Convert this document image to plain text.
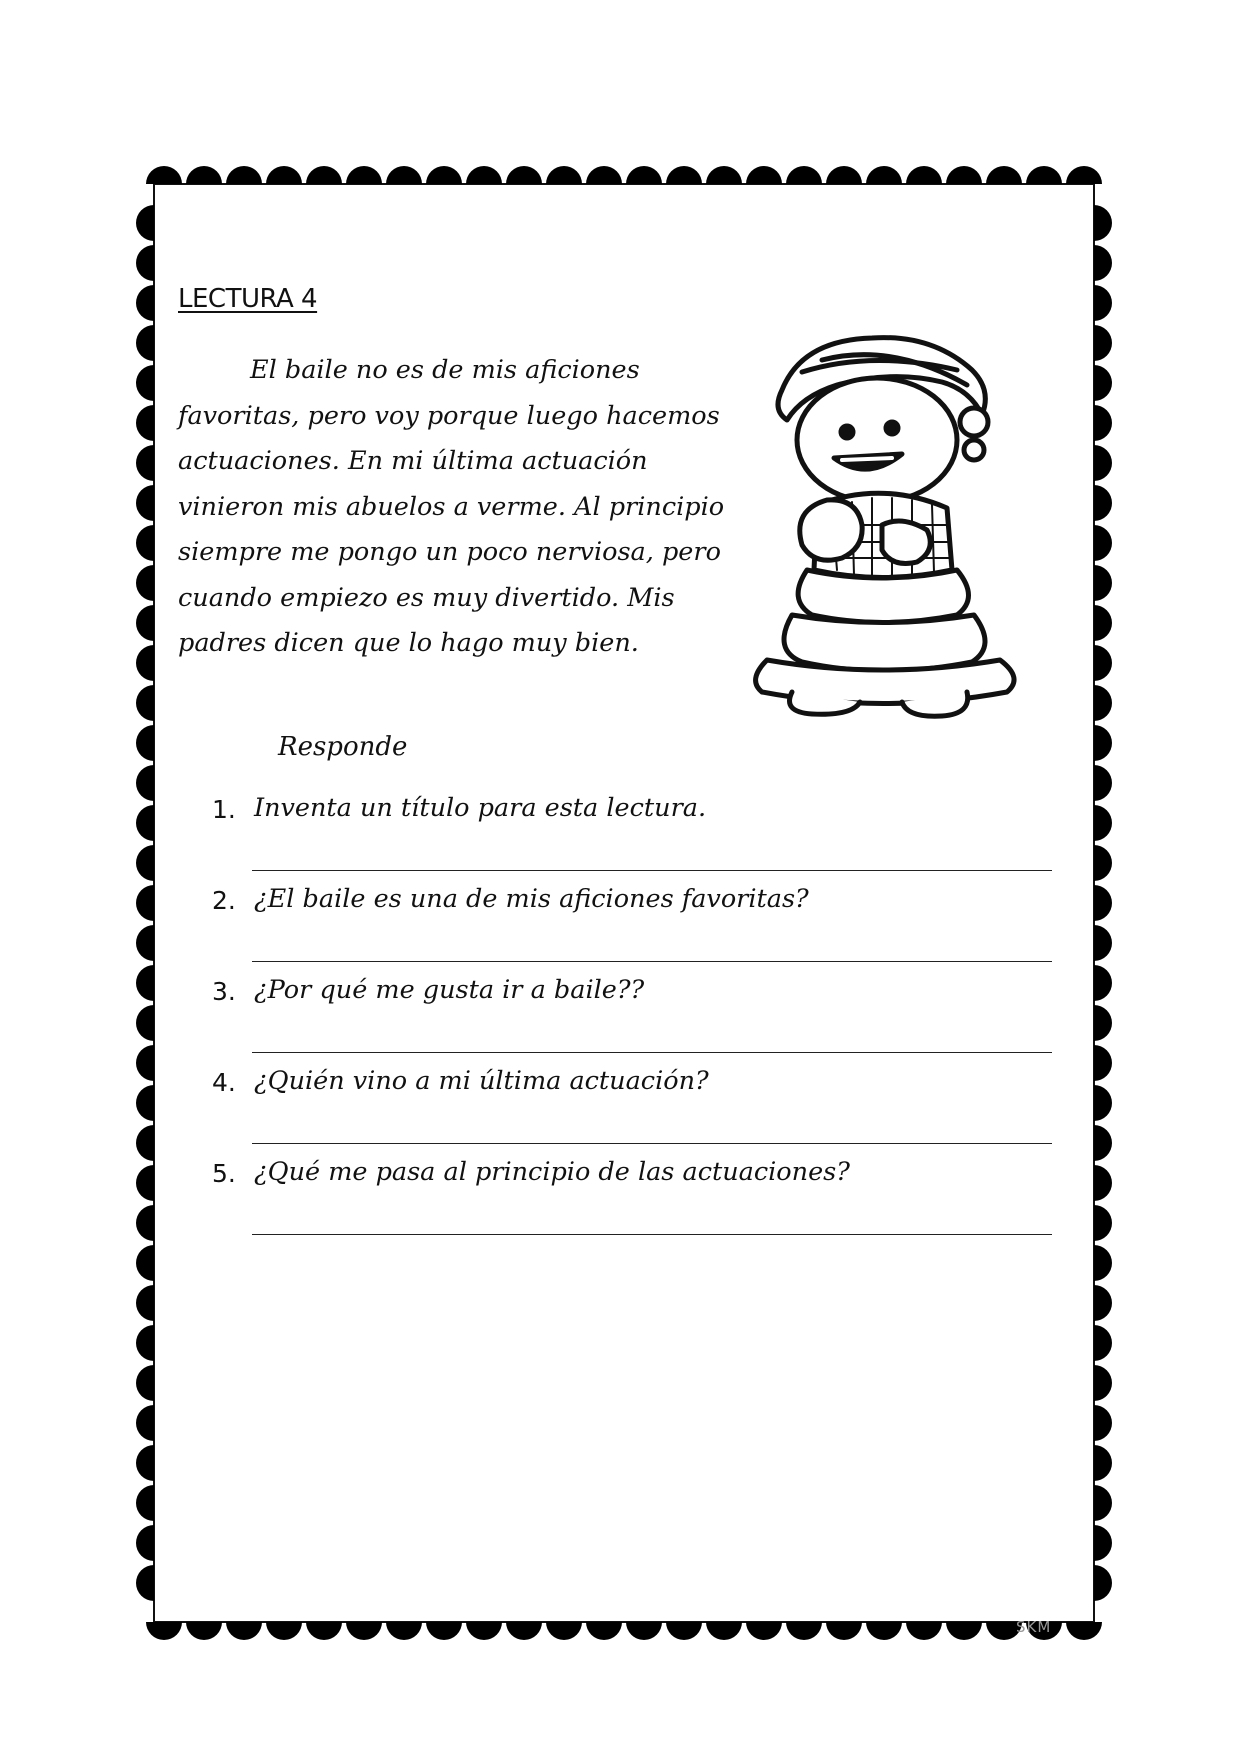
LECTURA 4

El baile no es de mis aficiones favoritas, pero voy porque luego hacemos actuaciones. En mi última actuación vinieron mis abuelos a verme. Al principio siempre me pongo un poco nerviosa, pero cuando empiezo es muy divertido. Mis padres dicen que lo hago muy bien.

Responde
1. Inventa un título para esta lectura.
2. ¿El baile es una de mis aficiones favoritas?
3. ¿Por qué me gusta ir a baile??
4. ¿Quién vino a mi última actuación?
5. ¿Qué me pasa al principio de las actuaciones?
SKM
